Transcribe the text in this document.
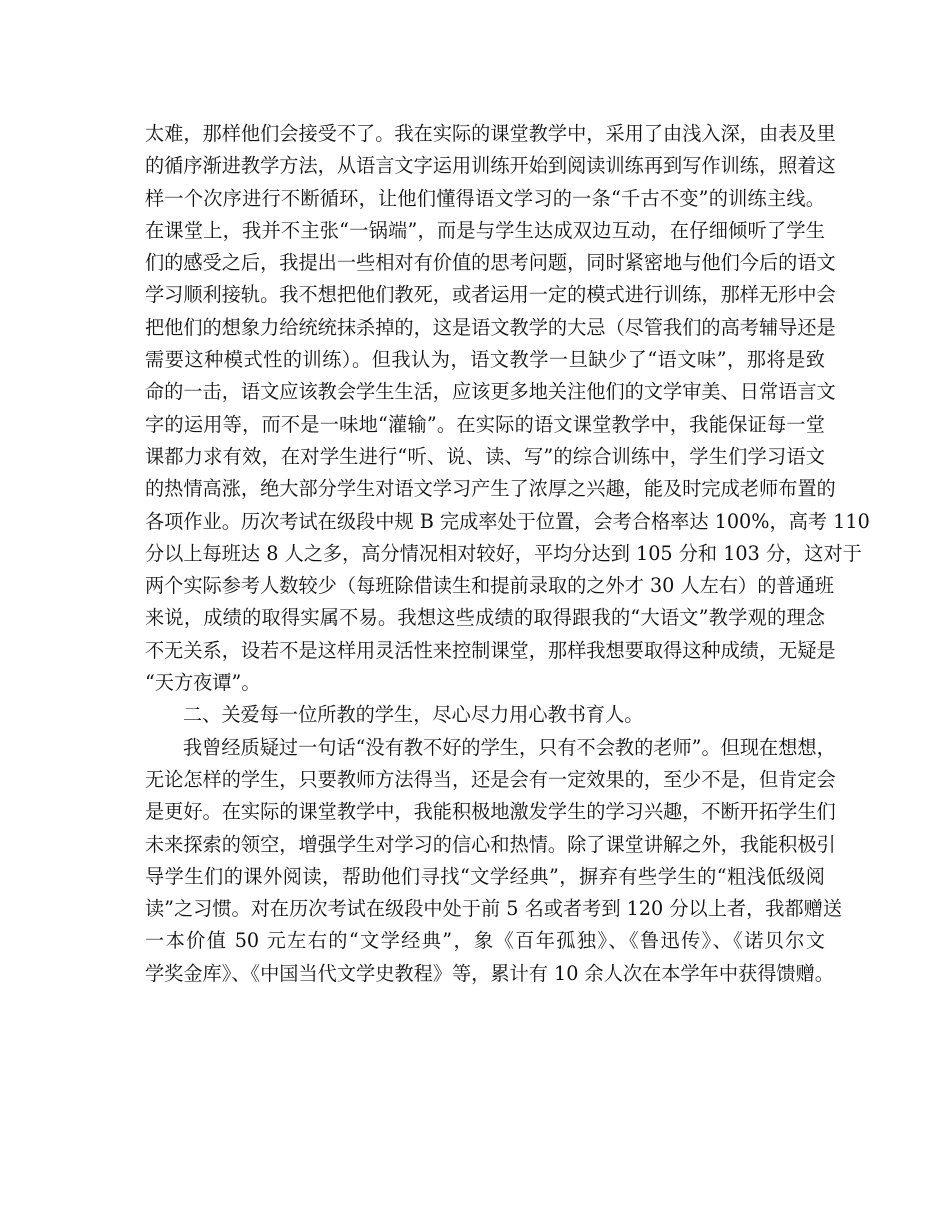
太难，那样他们会接受不了。我在实际的课堂教学中，采用了由浅入深，由表及里
的循序渐进教学方法，从语言文字运用训练开始到阅读训练再到写作训练，照着这
样一个次序进行不断循环，让他们懂得语文学习的一条“千古不变”的训练主线。
在课堂上，我并不主张“一锅端”，而是与学生达成双边互动，在仔细倾听了学生
们的感受之后，我提出一些相对有价值的思考问题，同时紧密地与他们今后的语文
学习顺利接轨。我不想把他们教死，或者运用一定的模式进行训练，那样无形中会
把他们的想象力给统统抹杀掉的，这是语文教学的大忌（尽管我们的高考辅导还是
需要这种模式性的训练）。但我认为，语文教学一旦缺少了“语文味”，那将是致
命的一击，语文应该教会学生生活，应该更多地关注他们的文学审美、日常语言文
字的运用等，而不是一味地“灌输”。在实际的语文课堂教学中，我能保证每一堂
课都力求有效，在对学生进行“听、说、读、写”的综合训练中，学生们学习语文
的热情高涨，绝大部分学生对语文学习产生了浓厚之兴趣，能及时完成老师布置的
各项作业。历次考试在级段中规 B 完成率处于位置，会考合格率达 100%，高考 110
分以上每班达 8 人之多，高分情况相对较好，平均分达到 105 分和 103 分，这对于
两个实际参考人数较少（每班除借读生和提前录取的之外才 30 人左右）的普通班
来说，成绩的取得实属不易。我想这些成绩的取得跟我的“大语文”教学观的理念
不无关系，设若不是这样用灵活性来控制课堂，那样我想要取得这种成绩，无疑是
“天方夜谭”。
二、关爱每一位所教的学生，尽心尽力用心教书育人。
我曾经质疑过一句话“没有教不好的学生，只有不会教的老师”。但现在想想，
无论怎样的学生，只要教师方法得当，还是会有一定效果的，至少不是，但肯定会
是更好。在实际的课堂教学中，我能积极地激发学生的学习兴趣，不断开拓学生们
未来探索的领空，增强学生对学习的信心和热情。除了课堂讲解之外，我能积极引
导学生们的课外阅读，帮助他们寻找“文学经典”，摒弃有些学生的“粗浅低级阅
读”之习惯。对在历次考试在级段中处于前 5 名或者考到 120 分以上者，我都赠送
一本价值 50 元左右的“文学经典”，象《百年孤独》、《鲁迅传》、《诺贝尔文
学奖金库》、《中国当代文学史教程》等，累计有 10 余人次在本学年中获得馈赠。
